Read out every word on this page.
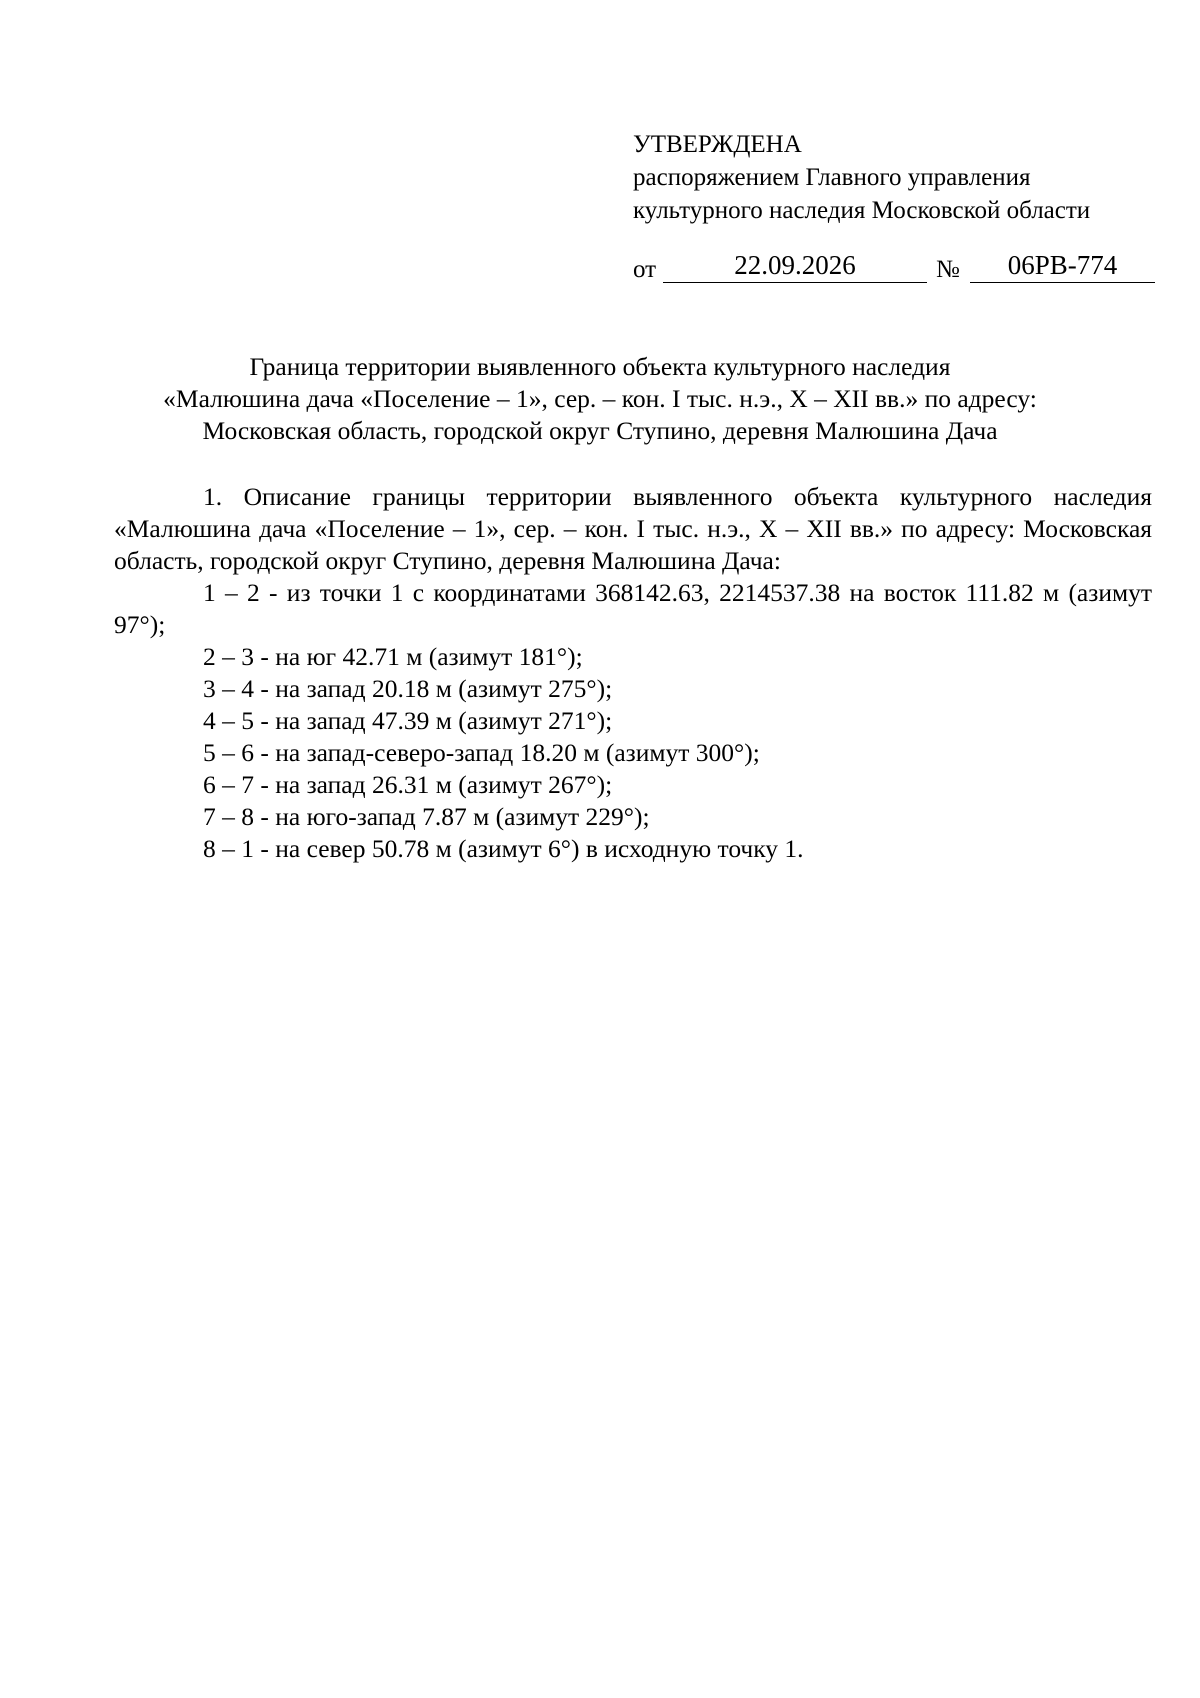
УТВЕРЖДЕНА
распоряжением Главного управления
культурного наследия Московской области
от	22.09.2026	№	06РВ-774
Граница территории выявленного объекта культурного наследия
«Малюшина дача «Поселение – 1», сер. – кон. I тыс. н.э., X – XII вв.» по адресу:
Московская область, городской округ Ступино, деревня Малюшина Дача

1. Описание границы территории выявленного объекта культурного наследия «Малюшина дача «Поселение – 1», сер. – кон. I тыс. н.э., X – XII вв.» по адресу: Московская область, городской округ Ступино, деревня Малюшина Дача:

1 – 2 - из точки 1 с координатами 368142.63, 2214537.38 на восток 111.82 м (азимут 97°);

2 – 3 - на юг 42.71 м (азимут 181°);

3 – 4 - на запад 20.18 м (азимут 275°);

4 – 5 - на запад 47.39 м (азимут 271°);

5 – 6 - на запад-северо-запад 18.20 м (азимут 300°);

6 – 7 - на запад 26.31 м (азимут 267°);

7 – 8 - на юго-запад 7.87 м (азимут 229°);

8 – 1 - на север 50.78 м (азимут 6°) в исходную точку 1.
